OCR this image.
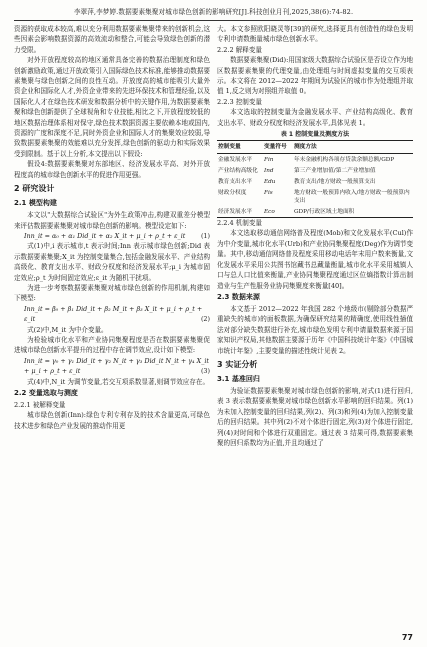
李翠萍,李梦婷.数据要素集聚对城市绿色创新的影响研究[J].科技创业月刊,2025,38(6):74-82.

资源的获取成本较高,难以充分利用数据要素集聚带来的创新机会,这些因素会影响数据资源的高效流动和整合,可能会导致绿色创新的潜力受限。

对外开放程度较高的地区通常具备完善的数据治理制度和绿色创新激励政策,通过开放政策引入国际绿色技术标准,能够推动数据要素集聚与绿色创新之间的良性互动。开放度高的城市能吸引大量外资企业和国际化人才,外资企业带来的先进环保技术和管理经验,以及国际化人才在绿色技术研发和数据分析中的关键作用,为数据要素集聚和绿色创新提供了全球视角和专业技能,相比之下,开放程度较低的地区数据治理体系相对保守,绿色技术数据资源主要依赖本地或国内,资源的广度和深度不足,同时外资企业和国际人才的集聚效应较弱,导致数据要素集聚的效能难以充分发挥,绿色创新的驱动力和实际效果受到限制。基于以上分析,本文提出以下假设:

假设4:数据要素集聚对东部地区、经济发展水平高、对外开放程度高的城市绿色创新水平的促进作用更强。

2 研究设计
2.1 模型构建

本文以"大数据综合试验区"为外生政策冲击,构建双重差分模型来评估数据要素集聚对城市绿色创新的影响。模型设定如下:

Inn_it = α₀ + α₁ Did_it + α₂ X_it + μ_i + ρ_t + ε_it (1)

式(1)中,i 表示城市,t 表示时间;Inn 表示城市绿色创新;Did 表示数据要素集聚;X_it 为控制变量集合,包括金融发展水平、产业结构高级化、教育支出水平、财政分权度和经济发展水平;μ_i 为城市固定效应;ρ_t 为时间固定效应;ε_it 为随机干扰项。

为进一步考察数据要素集聚对城市绿色创新的作用机制,构建如下模型:

Inn_it = β₀ + β₁ Did_it + β₂ M_it + β₃ X_it + μ_i + ρ_t +
ε_it	(2)

式(2)中,M_it 为中介变量。

为检验城市化水平和产业协同集聚程度是否在数据要素集聚促进城市绿色创新水平提升的过程中存在调节效应,设计如下模型:

Inn_it = γ₀ + γ₁ Did_it + γ₂ N_it + γ₃ Did_it N_it + γ₄ X_it
+ μ_i + ρ_t + ε_it	(3)

式(4)中,N_it 为调节变量,若交互项系数显著,则调节效应存在。

2.2 变量选取与测度
2.2.1 被解释变量

城市绿色创新(Inn):绿色专利专利存及的技术含量更高,可绿色技术进步和绿色产业发展的推动作用更

大。本文参照欧阳晓灵等[39]的研究,选择更具有创造性的绿色发明专利申请数衡量城市绿色创新水平。

2.2.2 解释变量

数据要素集聚(Did):用国家级大数据综合试验区是否设立作为地区数据要素集聚的代理变量,由处理组与时间虚拟变量的交互项表示。本文将在 2012—2022 年期间为试验区的城市作为处理组并取值 1,反之则为对照组并取值 0。

2.2.3 控制变量

本文选取的控制变量为金融发展水平、产业结构高级化、教育支出水平、财政分权度和经济发展水平,具体见表 1。

表 1 控制变量及测度方法
控制变量	变量符号	测度方法
金融发展水平	Fin	年末金融机构各项存贷款余额总额/GDP
产业结构高级化	Ind	第三产业增加值/第二产业增加值
教育支出水平	Edu	教育支出/地方财政一般预算支出
财政分权度	Fis	地方财政一般预算内收入/地方财政一般预算内支出
经济发展水平	Eco	GDP/行政区域土地面积
2.2.4 机制变量

本文选取移动通信网络普及程度(Mob)和文化发展水平(Cul)作为中介变量,城市化水平(Urb)和产业协同集聚程度(Deg)作为调节变量。其中,移动通信网络普及程度采用移动电话年末用户数来衡量,文化发展水平采用公共图书馆藏书总藏量衡量,城市化水平采用城镇人口与总人口比值来衡量,产业协同集聚程度通过区位熵指数计算出制造业与生产性服务业协同集聚度来衡量[40]。

2.3 数据来源

本文基于 2012—2022 年我国 282 个地级市(剔除部分数据严重缺失的城市)的面板数据,为确保研究结果的精确度,使用线性插值法对部分缺失数据进行补充,城市绿色发明专利申请量数据来源于国家知识产权局,其他数据主要源于历年《中国科技统计年鉴》《中国城市统计年鉴》,主要变量的描述性统计见表 2。

3 实证分析
3.1 基准回归

为验证数据要素集聚对城市绿色创新的影响,对式(1)进行回归,表 3 表示数据要素集聚对城市绿色创新水平影响的回归结果。列(1)为未加入控制变量的回归结果,列(2)、列(3)和列(4)为加入控制变量后的回归结果。其中列(2)不对个体进行固定,列(3)对个体进行固定,列(4)对时间和个体进行双重固定。通过表 3 结果可得,数据要素集聚的回归系数均为正值,并且均通过了

77
